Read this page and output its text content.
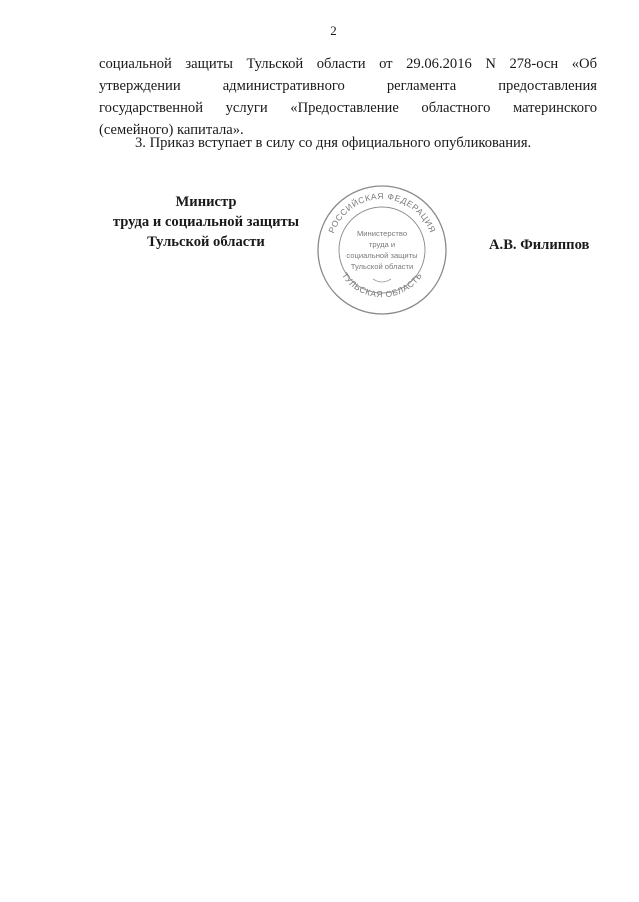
2
социальной защиты Тульской области от 29.06.2016 N 278-осн «Об
утверждении административного регламента предоставления
государственной услуги «Предоставление областного материнского
(семейного) капитала».

3. Приказ вступает в силу со дня официального опубликования.

Министр
труда и социальной защиты
Тульской области
РОССИЙСКАЯ ФЕДЕРАЦИЯ
ТУЛЬСКАЯ ОБЛАСТЬ
Министерство
труда и
социальной защиты
Тульской области
А.В. Филиппов
